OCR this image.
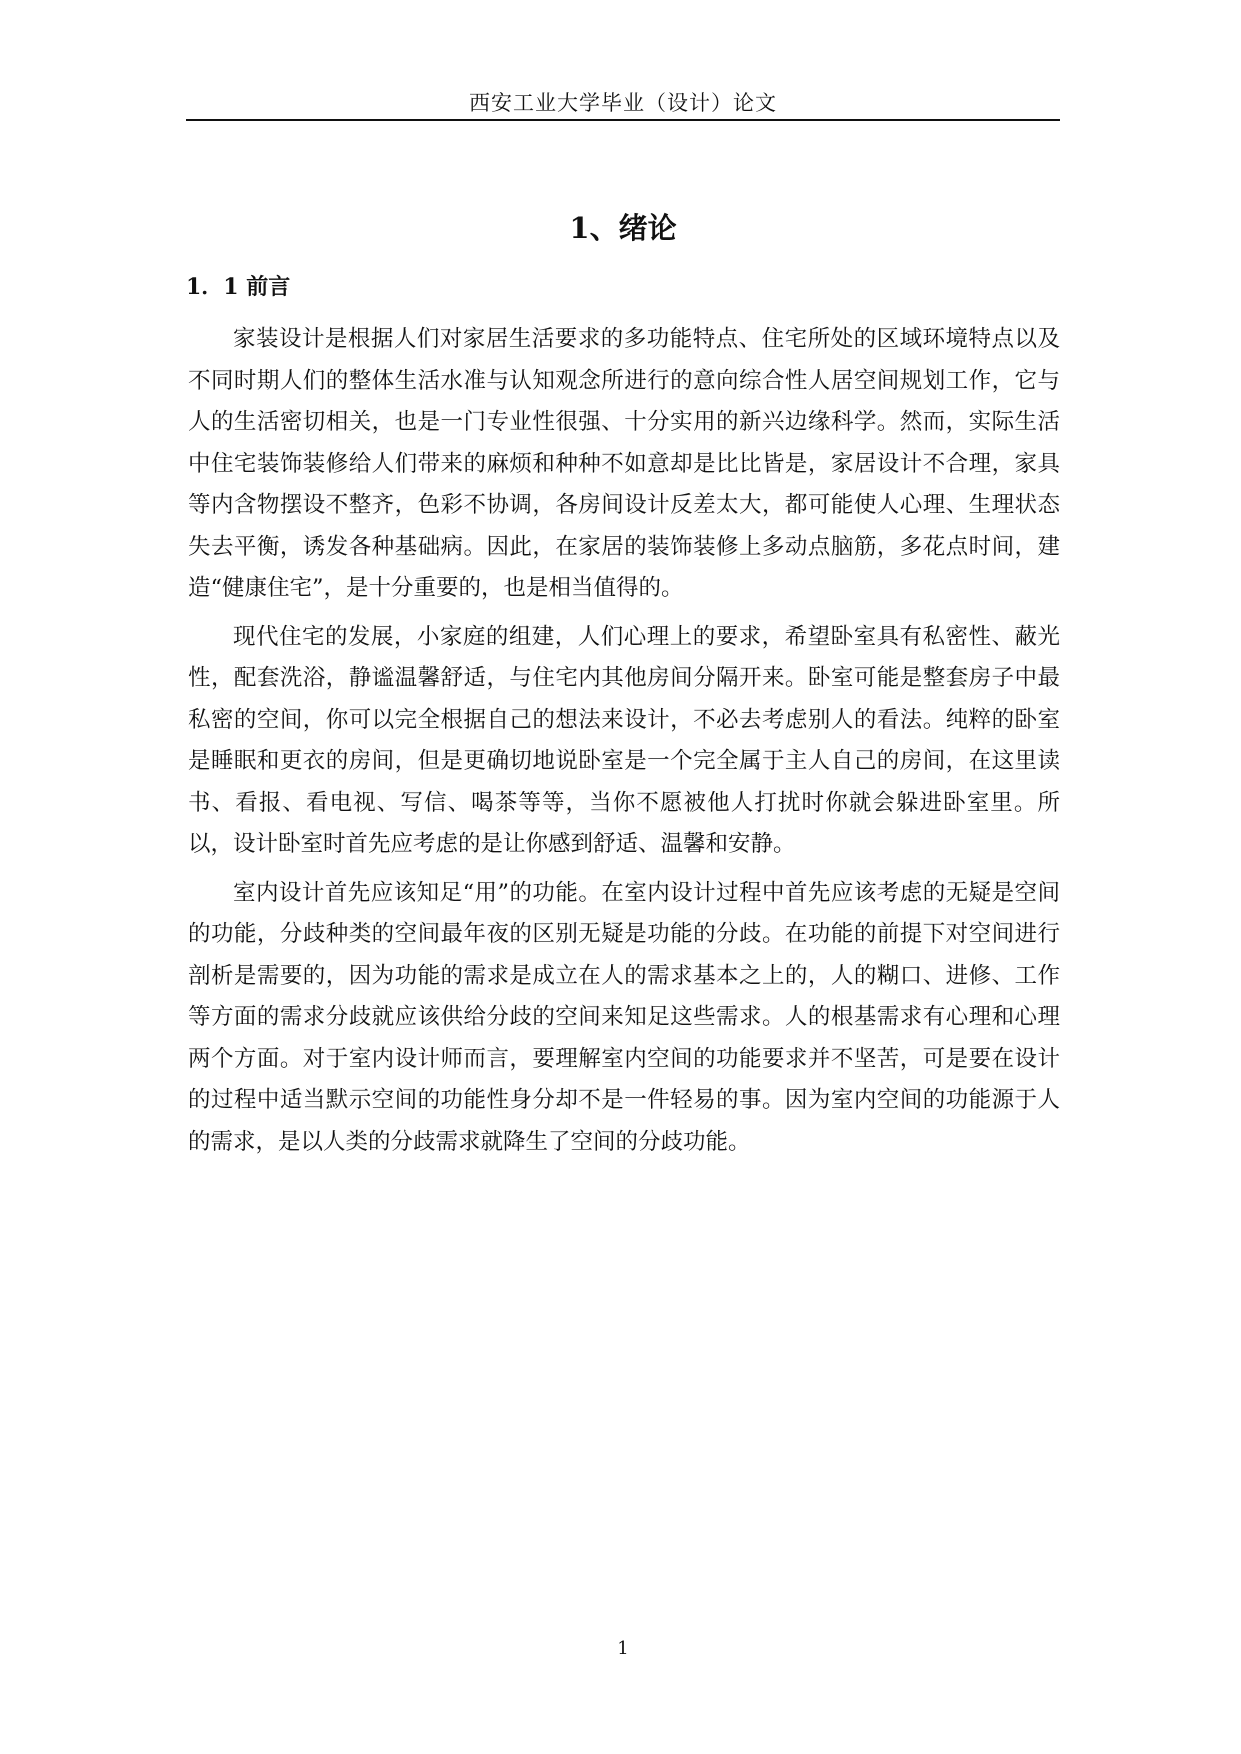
西安工业大学毕业（设计）论文
1、绪论
1．1 前言

家装设计是根据人们对家居生活要求的多功能特点、住宅所处的区域环境特点以及不同时期人们的整体生活水准与认知观念所进行的意向综合性人居空间规划工作，它与人的生活密切相关，也是一门专业性很强、十分实用的新兴边缘科学。然而，实际生活中住宅装饰装修给人们带来的麻烦和种种不如意却是比比皆是，家居设计不合理，家具等内含物摆设不整齐，色彩不协调，各房间设计反差太大，都可能使人心理、生理状态失去平衡，诱发各种基础病。因此，在家居的装饰装修上多动点脑筋，多花点时间，建造“健康住宅”，是十分重要的，也是相当值得的。

现代住宅的发展，小家庭的组建，人们心理上的要求，希望卧室具有私密性、蔽光性，配套洗浴，静谧温馨舒适，与住宅内其他房间分隔开来。卧室可能是整套房子中最私密的空间，你可以完全根据自己的想法来设计，不必去考虑别人的看法。纯粹的卧室是睡眠和更衣的房间，但是更确切地说卧室是一个完全属于主人自己的房间，在这里读书、看报、看电视、写信、喝茶等等，当你不愿被他人打扰时你就会躲进卧室里。所以，设计卧室时首先应考虑的是让你感到舒适、温馨和安静。

室内设计首先应该知足“用”的功能。在室内设计过程中首先应该考虑的无疑是空间的功能，分歧种类的空间最年夜的区别无疑是功能的分歧。在功能的前提下对空间进行剖析是需要的，因为功能的需求是成立在人的需求基本之上的，人的糊口、进修、工作等方面的需求分歧就应该供给分歧的空间来知足这些需求。人的根基需求有心理和心理两个方面。对于室内设计师而言，要理解室内空间的功能要求并不坚苦，可是要在设计的过程中适当默示空间的功能性身分却不是一件轻易的事。因为室内空间的功能源于人的需求，是以人类的分歧需求就降生了空间的分歧功能。

1
